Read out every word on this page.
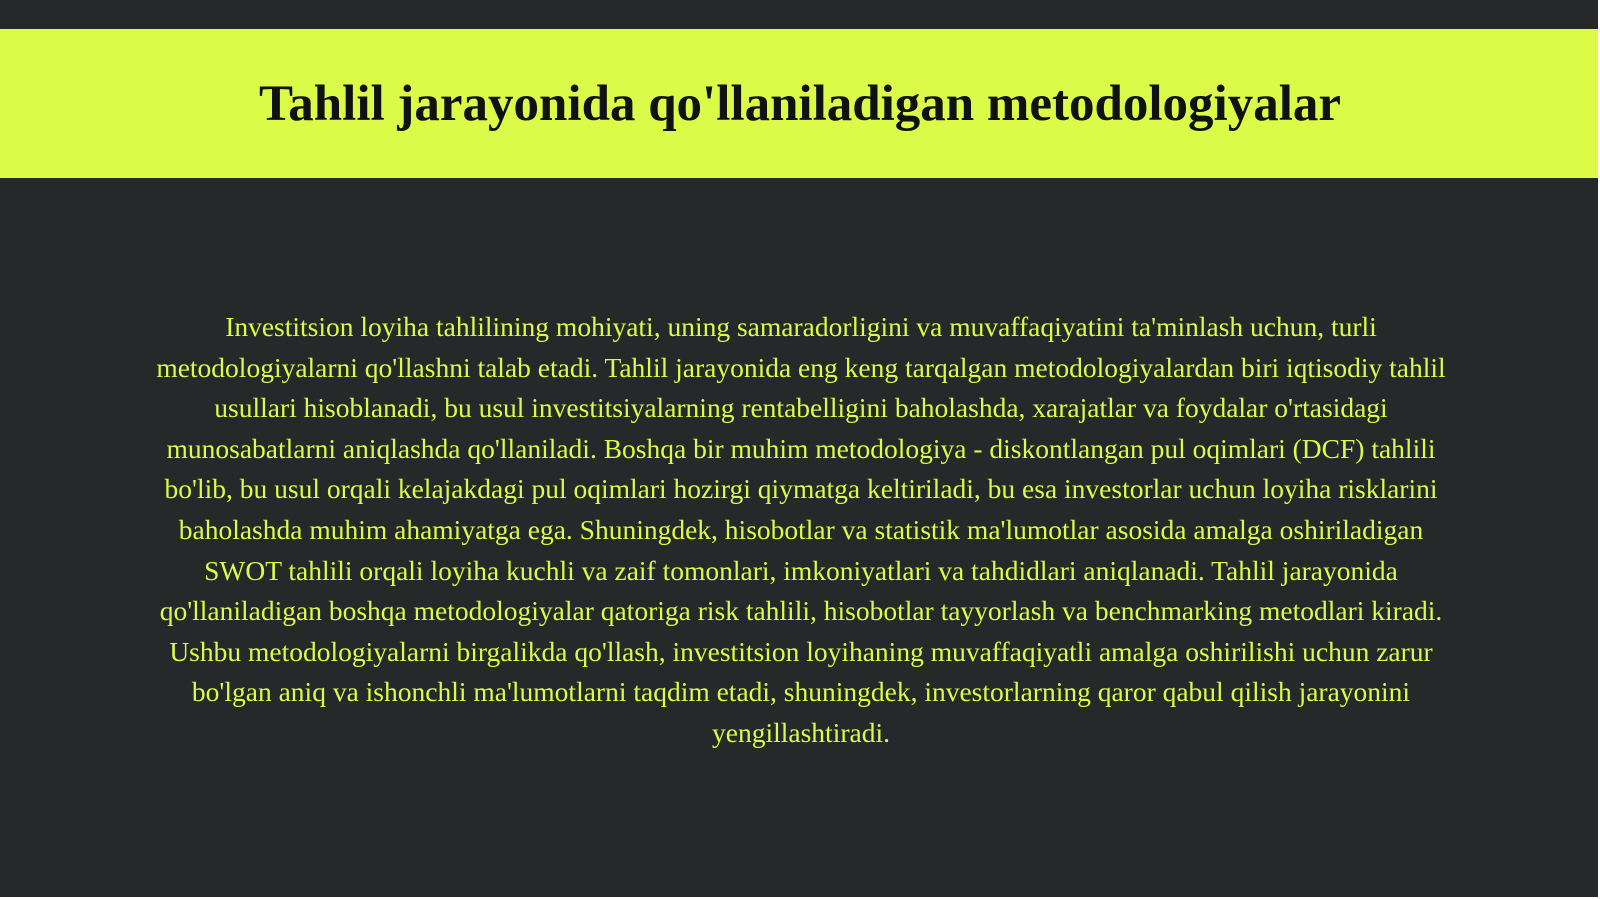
Tahlil jarayonida qo'llaniladigan metodologiyalar

Investitsion loyiha tahlilining mohiyati, uning samaradorligini va muvaffaqiyatini ta'minlash uchun, turli metodologiyalarni qo'llashni talab etadi. Tahlil jarayonida eng keng tarqalgan metodologiyalardan biri iqtisodiy tahlil usullari hisoblanadi, bu usul investitsiyalarning rentabelligini baholashda, xarajatlar va foydalar o'rtasidagi munosabatlarni aniqlashda qo'llaniladi. Boshqa bir muhim metodologiya - diskontlangan pul oqimlari (DCF) tahlili bo'lib, bu usul orqali kelajakdagi pul oqimlari hozirgi qiymatga keltiriladi, bu esa investorlar uchun loyiha risklarini baholashda muhim ahamiyatga ega. Shuningdek, hisobotlar va statistik ma'lumotlar asosida amalga oshiriladigan SWOT tahlili orqali loyiha kuchli va zaif tomonlari, imkoniyatlari va tahdidlari aniqlanadi. Tahlil jarayonida qo'llaniladigan boshqa metodologiyalar qatoriga risk tahlili, hisobotlar tayyorlash va benchmarking metodlari kiradi. Ushbu metodologiyalarni birgalikda qo'llash, investitsion loyihaning muvaffaqiyatli amalga oshirilishi uchun zarur bo'lgan aniq va ishonchli ma'lumotlarni taqdim etadi, shuningdek, investorlarning qaror qabul qilish jarayonini yengillashtiradi.
